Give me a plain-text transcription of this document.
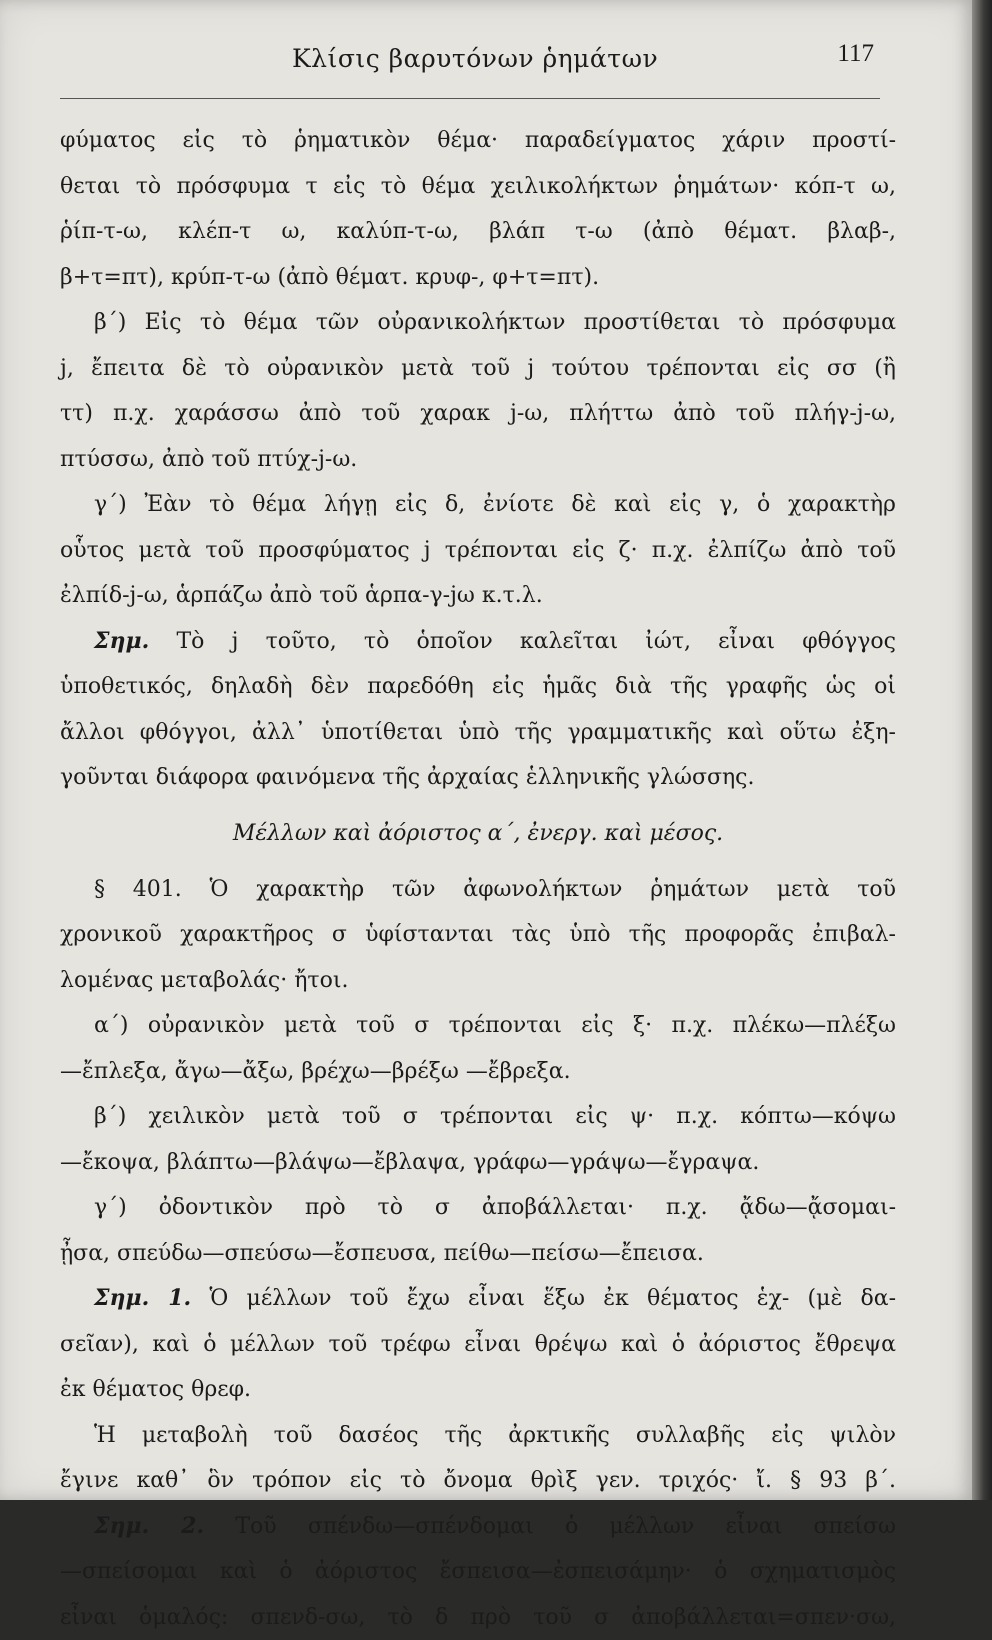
Κλίσις βαρυτόνων ῥημάτων	117
φύματος εἰς τὸ ῥηματικὸν θέμα· παραδείγματος χάριν προστί-
θεται τὸ πρόσφυμα τ εἰς τὸ θέμα χειλικολήκτων ῥημάτων· κόπ-τ ω,
ῥίπ-τ-ω, κλέπ-τ ω, καλύπ-τ-ω, βλάπ τ-ω (ἀπὸ θέματ. βλαβ-,
β+τ=πτ), κρύπ-τ-ω (ἀπὸ θέματ. κρυφ-, φ+τ=πτ).
β΄) Εἰς τὸ θέμα τῶν οὐρανικολήκτων προστίθεται τὸ πρόσφυμα
j, ἔπειτα δὲ τὸ οὐρανικὸν μετὰ τοῦ j τούτου τρέπονται εἰς σσ (ἢ
ττ) π.χ. χαράσσω ἀπὸ τοῦ χαρακ j-ω, πλήττω ἀπὸ τοῦ πλήγ-j-ω,
πτύσσω, ἀπὸ τοῦ πτύχ-j-ω.
γ΄) Ἐὰν τὸ θέμα λήγῃ εἰς δ, ἐνίοτε δὲ καὶ εἰς γ, ὁ χαρακτὴρ
οὗτος μετὰ τοῦ προσφύματος j τρέπονται εἰς ζ· π.χ. ἐλπίζω ἀπὸ τοῦ
ἐλπίδ-j-ω, ἁρπάζω ἀπὸ τοῦ ἁρπα-γ-jω κ.τ.λ.
Σημ. Τὸ j τοῦτο, τὸ ὁποῖον καλεῖται ἰώτ, εἶναι φθόγγος
ὑποθετικός, δηλαδὴ δὲν παρεδόθη εἰς ἡμᾶς διὰ τῆς γραφῆς ὡς οἱ
ἄλλοι φθόγγοι, ἀλλ᾽ ὑποτίθεται ὑπὸ τῆς γραμματικῆς καὶ οὕτω ἐξη-
γοῦνται διάφορα φαινόμενα τῆς ἀρχαίας ἑλληνικῆς γλώσσης.
Μέλλων καὶ ἀόριστος α΄, ἐνεργ. καὶ μέσος.
§ 401. Ὁ χαρακτὴρ τῶν ἀφωνολήκτων ῥημάτων μετὰ τοῦ
χρονικοῦ χαρακτῆρος σ ὑφίστανται τὰς ὑπὸ τῆς προφορᾶς ἐπιβαλ-
λομένας μεταβολάς· ἤτοι.
α΄) οὐρανικὸν μετὰ τοῦ σ τρέπονται εἰς ξ· π.χ. πλέκω—πλέξω
—ἔπλεξα, ἄγω—ἄξω, βρέχω—βρέξω —ἔβρεξα.
β΄) χειλικὸν μετὰ τοῦ σ τρέπονται εἰς ψ· π.χ. κόπτω—κόψω
—ἔκοψα, βλάπτω—βλάψω—ἔβλαψα, γράφω—γράψω—ἔγραψα.
γ΄) ὀδοντικὸν πρὸ τὸ σ ἀποβάλλεται· π.χ. ᾄδω—ᾄσομαι-
ᾖσα, σπεύδω—σπεύσω—ἔσπευσα, πείθω—πείσω—ἔπεισα.
Σημ. 1. Ὁ μέλλων τοῦ ἔχω εἶναι ἕξω ἐκ θέματος ἑχ- (μὲ δα-
σεῖαν), καὶ ὁ μέλλων τοῦ τρέφω εἶναι θρέψω καὶ ὁ ἀόριστος ἔθρεψα
ἐκ θέματος θρεφ.
Ἡ μεταβολὴ τοῦ δασέος τῆς ἀρκτικῆς συλλαβῆς εἰς ψιλὸν
ἔγινε καθ᾽ ὃν τρόπον εἰς τὸ ὄνομα θρὶξ γεν. τριχός· ἴ. § 93 β΄.
Σημ. 2. Τοῦ σπένδω—σπένδομαι ὁ μέλλων εἶναι σπείσω
—σπείσομαι καὶ ὁ ἀόριστος ἔσπεισα—ἐσπεισάμην· ὁ σχηματισμὸς
εἶναι ὁμαλός: σπενδ-σω, τὸ δ πρὸ τοῦ σ ἀποβάλλεται=σπεν·σω,
